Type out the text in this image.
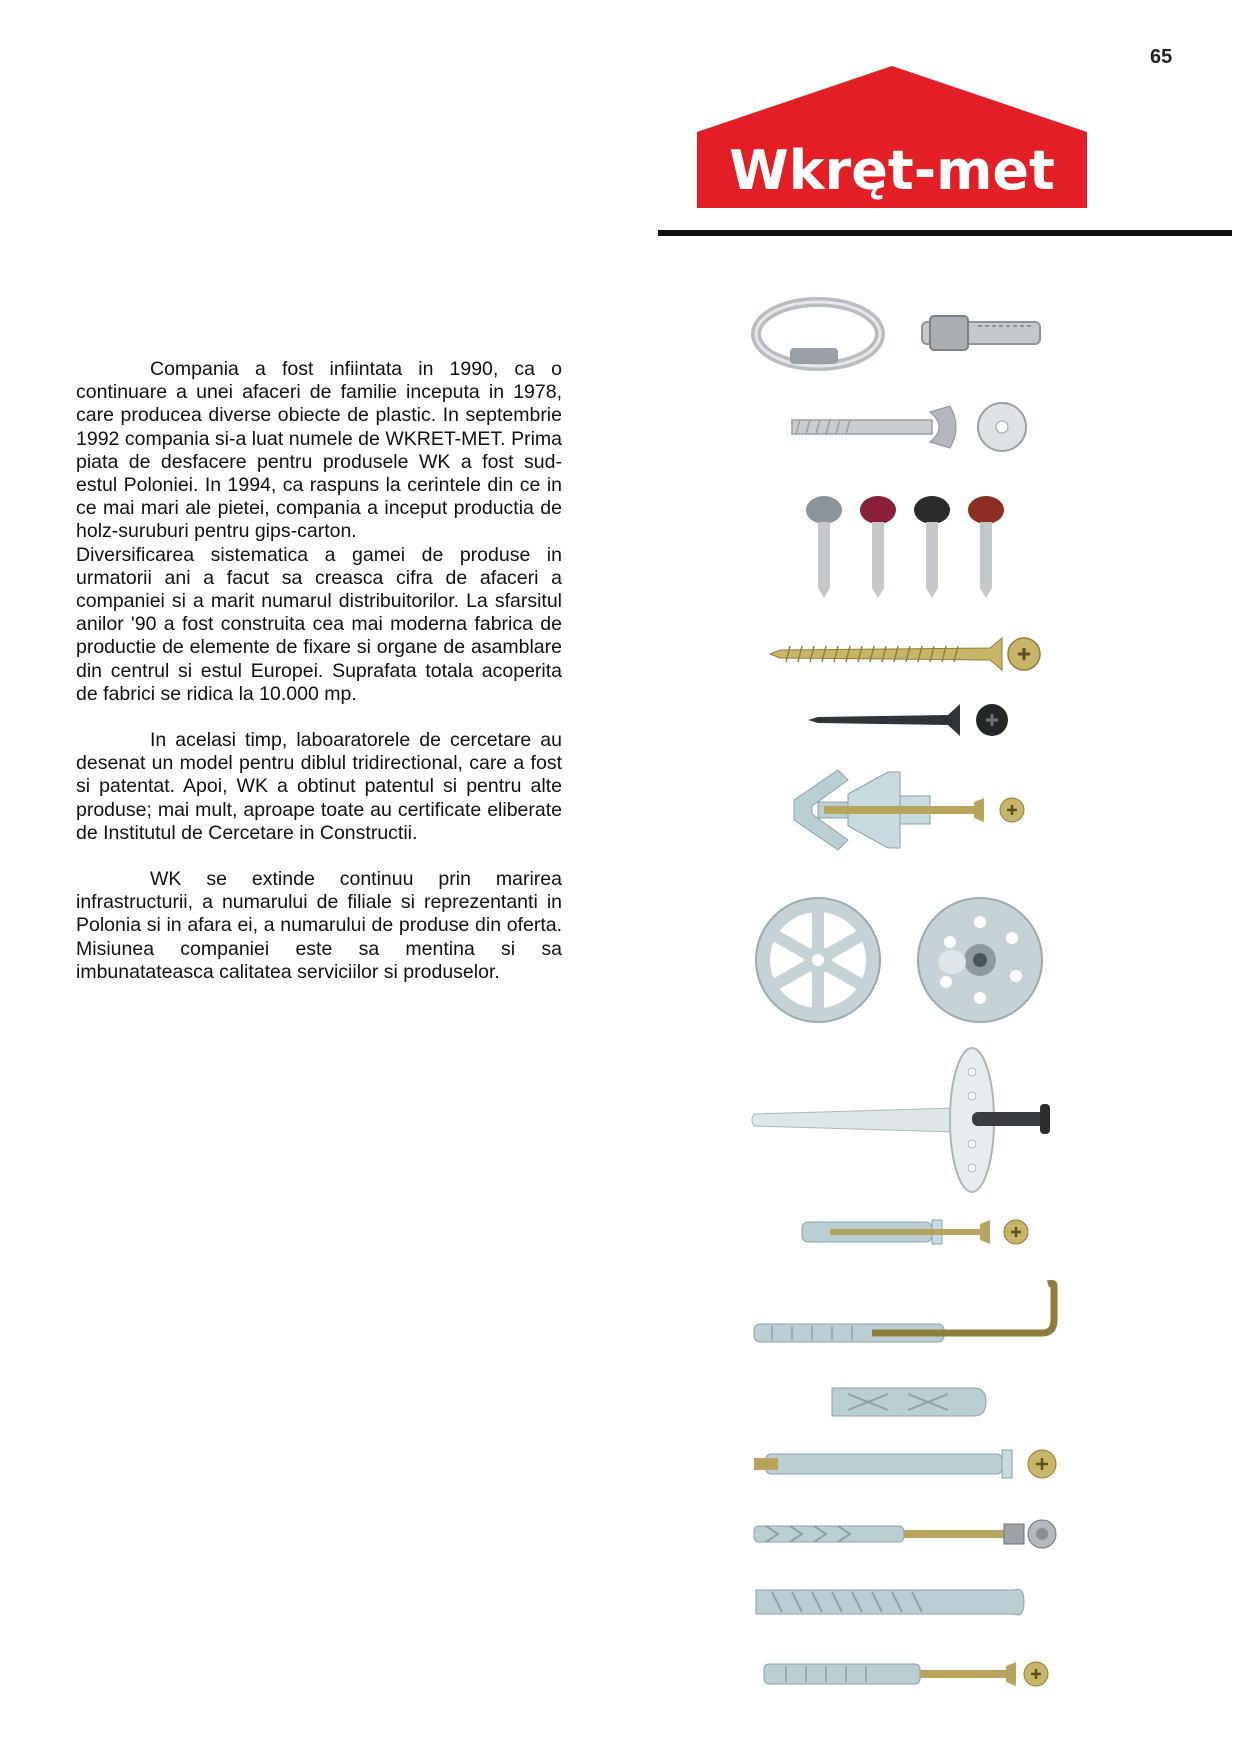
65
Wkręt-met

Compania a fost infiintata in 1990, ca o continuare a unei afaceri de familie inceputa in 1978, care producea diverse obiecte de plastic. In septembrie 1992 compania si-a luat numele de WKRET-MET. Prima piata de desfacere pentru produsele WK a fost sud-estul Poloniei. In 1994, ca raspuns la cerintele din ce in ce mai mari ale pietei, compania a inceput productia de holz-suruburi pentru gips-carton.

Diversificarea sistematica a gamei de produse in urmatorii ani a facut sa creasca cifra de afaceri a companiei si a marit numarul distribuitorilor. La sfarsitul anilor '90 a fost construita cea mai moderna fabrica de productie de elemente de fixare si organe de asamblare din centrul si estul Europei. Suprafata totala acoperita de fabrici se ridica la 10.000 mp.

In acelasi timp, laboaratorele de cercetare au desenat un model pentru diblul tridirectional, care a fost si patentat. Apoi, WK a obtinut patentul si pentru alte produse; mai mult, aproape toate au certificate eliberate de Institutul de Cercetare in Constructii.

WK se extinde continuu prin marirea infrastructurii, a numarului de filiale si reprezentanti in Polonia si in afara ei, a numarului de produse din oferta. Misiunea companiei este sa mentina si sa imbunatateasca calitatea serviciilor si produselor.
